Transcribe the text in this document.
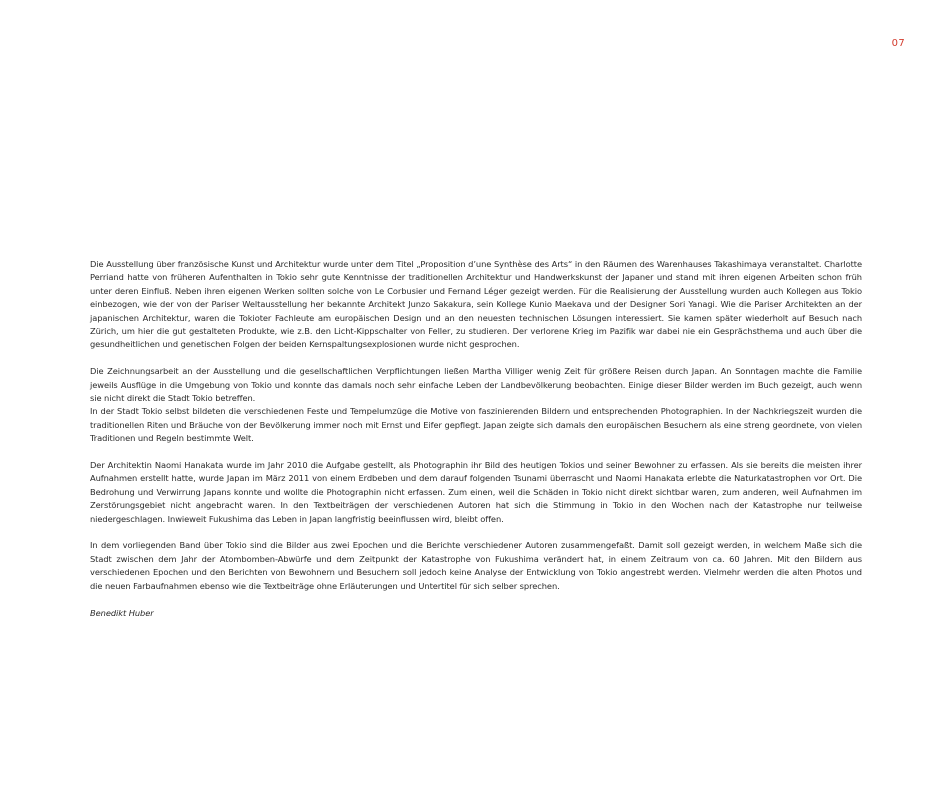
07

Die Ausstellung über französische Kunst und Architektur wurde unter dem Titel „Proposition d’une Synthèse des Arts“ in den Räumen des Warenhauses Takashimaya veranstaltet. Charlotte Perriand hatte von früheren Aufenthalten in Tokio sehr gute Kenntnisse der traditionellen Architektur und Handwerkskunst der Japaner und stand mit ihren eigenen Arbeiten schon früh unter deren Einfluß. Neben ihren eigenen Werken sollten solche von Le Corbusier und Fernand Léger gezeigt werden. Für die Realisierung der Ausstellung wurden auch Kollegen aus Tokio einbezogen, wie der von der Pariser Weltausstellung her bekannte Architekt Junzo Sakakura, sein Kollege Kunio Maekava und der Designer Sori Yanagi. Wie die Pariser Architekten an der japanischen Architektur, waren die Tokioter Fachleute am europäischen Design und an den neuesten technischen Lösungen interessiert. Sie kamen später wiederholt auf Besuch nach Zürich, um hier die gut gestalteten Produkte, wie z.B. den Licht-Kippschalter von Feller, zu studieren. Der verlorene Krieg im Pazifik war dabei nie ein Gesprächsthema und auch über die gesundheitlichen und genetischen Folgen der beiden Kernspaltungsexplosionen wurde nicht gesprochen.

Die Zeichnungsarbeit an der Ausstellung und die gesellschaftlichen Verpflichtungen ließen Martha Villiger wenig Zeit für größere Reisen durch Japan. An Sonntagen machte die Familie jeweils Ausflüge in die Umgebung von Tokio und konnte das damals noch sehr einfache Leben der Landbevölkerung beobachten. Einige dieser Bilder werden im Buch gezeigt, auch wenn sie nicht direkt die Stadt Tokio betreffen.

In der Stadt Tokio selbst bildeten die verschiedenen Feste und Tempelumzüge die Motive von faszinierenden Bildern und entsprechenden Photographien. In der Nachkriegszeit wurden die traditionellen Riten und Bräuche von der Bevölkerung immer noch mit Ernst und Eifer gepflegt. Japan zeigte sich damals den europäischen Besuchern als eine streng geordnete, von vielen Traditionen und Regeln bestimmte Welt.

Der Architektin Naomi Hanakata wurde im Jahr 2010 die Aufgabe gestellt, als Photographin ihr Bild des heutigen Tokios und seiner Bewohner zu erfassen. Als sie bereits die meisten ihrer Aufnahmen erstellt hatte, wurde Japan im März 2011 von einem Erdbeben und dem darauf folgenden Tsunami überrascht und Naomi Hanakata erlebte die Naturkatastrophen vor Ort. Die Bedrohung und Verwirrung Japans konnte und wollte die Photographin nicht erfassen. Zum einen, weil die Schäden in Tokio nicht direkt sichtbar waren, zum anderen, weil Aufnahmen im Zerstörungsgebiet nicht angebracht waren. In den Textbeiträgen der verschiedenen Autoren hat sich die Stimmung in Tokio in den Wochen nach der Katastrophe nur teilweise niedergeschlagen. Inwieweit Fukushima das Leben in Japan langfristig beeinflussen wird, bleibt offen.

In dem vorliegenden Band über Tokio sind die Bilder aus zwei Epochen und die Berichte verschiedener Autoren zusammengefaßt. Damit soll gezeigt werden, in welchem Maße sich die Stadt zwischen dem Jahr der Atombomben-Abwürfe und dem Zeitpunkt der Katastrophe von Fukushima verändert hat, in einem Zeitraum von ca. 60 Jahren. Mit den Bildern aus verschiedenen Epochen und den Berichten von Bewohnern und Besuchern soll jedoch keine Analyse der Entwicklung von Tokio angestrebt werden. Vielmehr werden die alten Photos und die neuen Farbaufnahmen ebenso wie die Textbeiträge ohne Erläuterungen und Untertitel für sich selber sprechen.

Benedikt Huber
